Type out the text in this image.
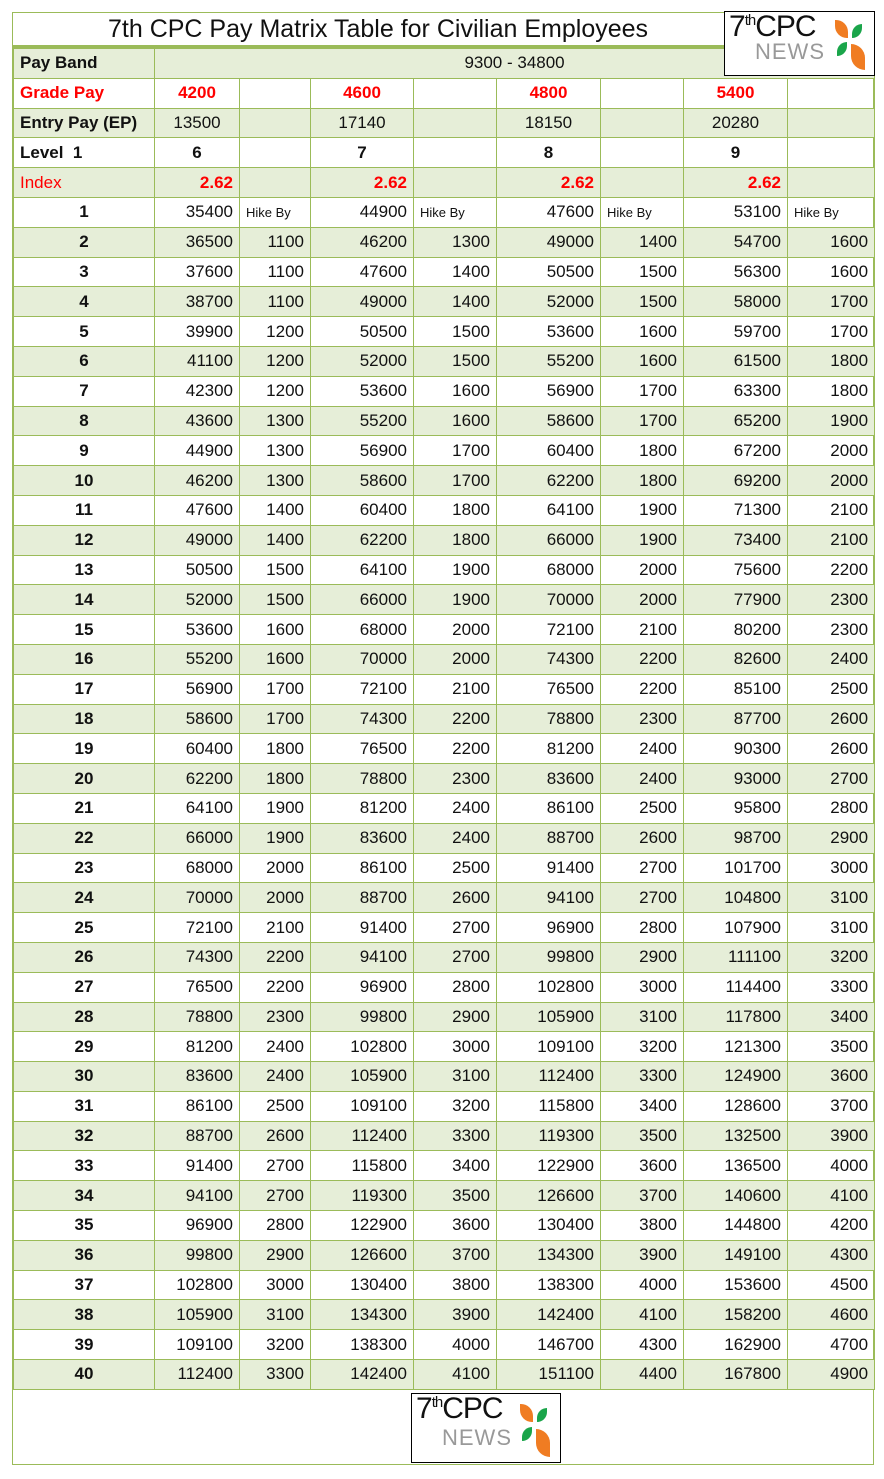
7th CPC Pay Matrix Table for Civilian Employees
Pay Band	9300 - 34800							
Grade Pay	4200		4600		4800		5400	
Entry Pay (EP)	13500		17140		18150		20280	
Level  1	6		7		8		9	
Index	2.62		2.62		2.62		2.62	
1	35400	Hike By	44900	Hike By	47600	Hike By	53100	Hike By
2	36500	1100	46200	1300	49000	1400	54700	1600
3	37600	1100	47600	1400	50500	1500	56300	1600
4	38700	1100	49000	1400	52000	1500	58000	1700
5	39900	1200	50500	1500	53600	1600	59700	1700
6	41100	1200	52000	1500	55200	1600	61500	1800
7	42300	1200	53600	1600	56900	1700	63300	1800
8	43600	1300	55200	1600	58600	1700	65200	1900
9	44900	1300	56900	1700	60400	1800	67200	2000
10	46200	1300	58600	1700	62200	1800	69200	2000
11	47600	1400	60400	1800	64100	1900	71300	2100
12	49000	1400	62200	1800	66000	1900	73400	2100
13	50500	1500	64100	1900	68000	2000	75600	2200
14	52000	1500	66000	1900	70000	2000	77900	2300
15	53600	1600	68000	2000	72100	2100	80200	2300
16	55200	1600	70000	2000	74300	2200	82600	2400
17	56900	1700	72100	2100	76500	2200	85100	2500
18	58600	1700	74300	2200	78800	2300	87700	2600
19	60400	1800	76500	2200	81200	2400	90300	2600
20	62200	1800	78800	2300	83600	2400	93000	2700
21	64100	1900	81200	2400	86100	2500	95800	2800
22	66000	1900	83600	2400	88700	2600	98700	2900
23	68000	2000	86100	2500	91400	2700	101700	3000
24	70000	2000	88700	2600	94100	2700	104800	3100
25	72100	2100	91400	2700	96900	2800	107900	3100
26	74300	2200	94100	2700	99800	2900	111100	3200
27	76500	2200	96900	2800	102800	3000	114400	3300
28	78800	2300	99800	2900	105900	3100	117800	3400
29	81200	2400	102800	3000	109100	3200	121300	3500
30	83600	2400	105900	3100	112400	3300	124900	3600
31	86100	2500	109100	3200	115800	3400	128600	3700
32	88700	2600	112400	3300	119300	3500	132500	3900
33	91400	2700	115800	3400	122900	3600	136500	4000
34	94100	2700	119300	3500	126600	3700	140600	4100
35	96900	2800	122900	3600	130400	3800	144800	4200
36	99800	2900	126600	3700	134300	3900	149100	4300
37	102800	3000	130400	3800	138300	4000	153600	4500
38	105900	3100	134300	3900	142400	4100	158200	4600
39	109100	3200	138300	4000	146700	4300	162900	4700
40	112400	3300	142400	4100	151100	4400	167800	4900
7thCPC
NEWS
7thCPC
NEWS
